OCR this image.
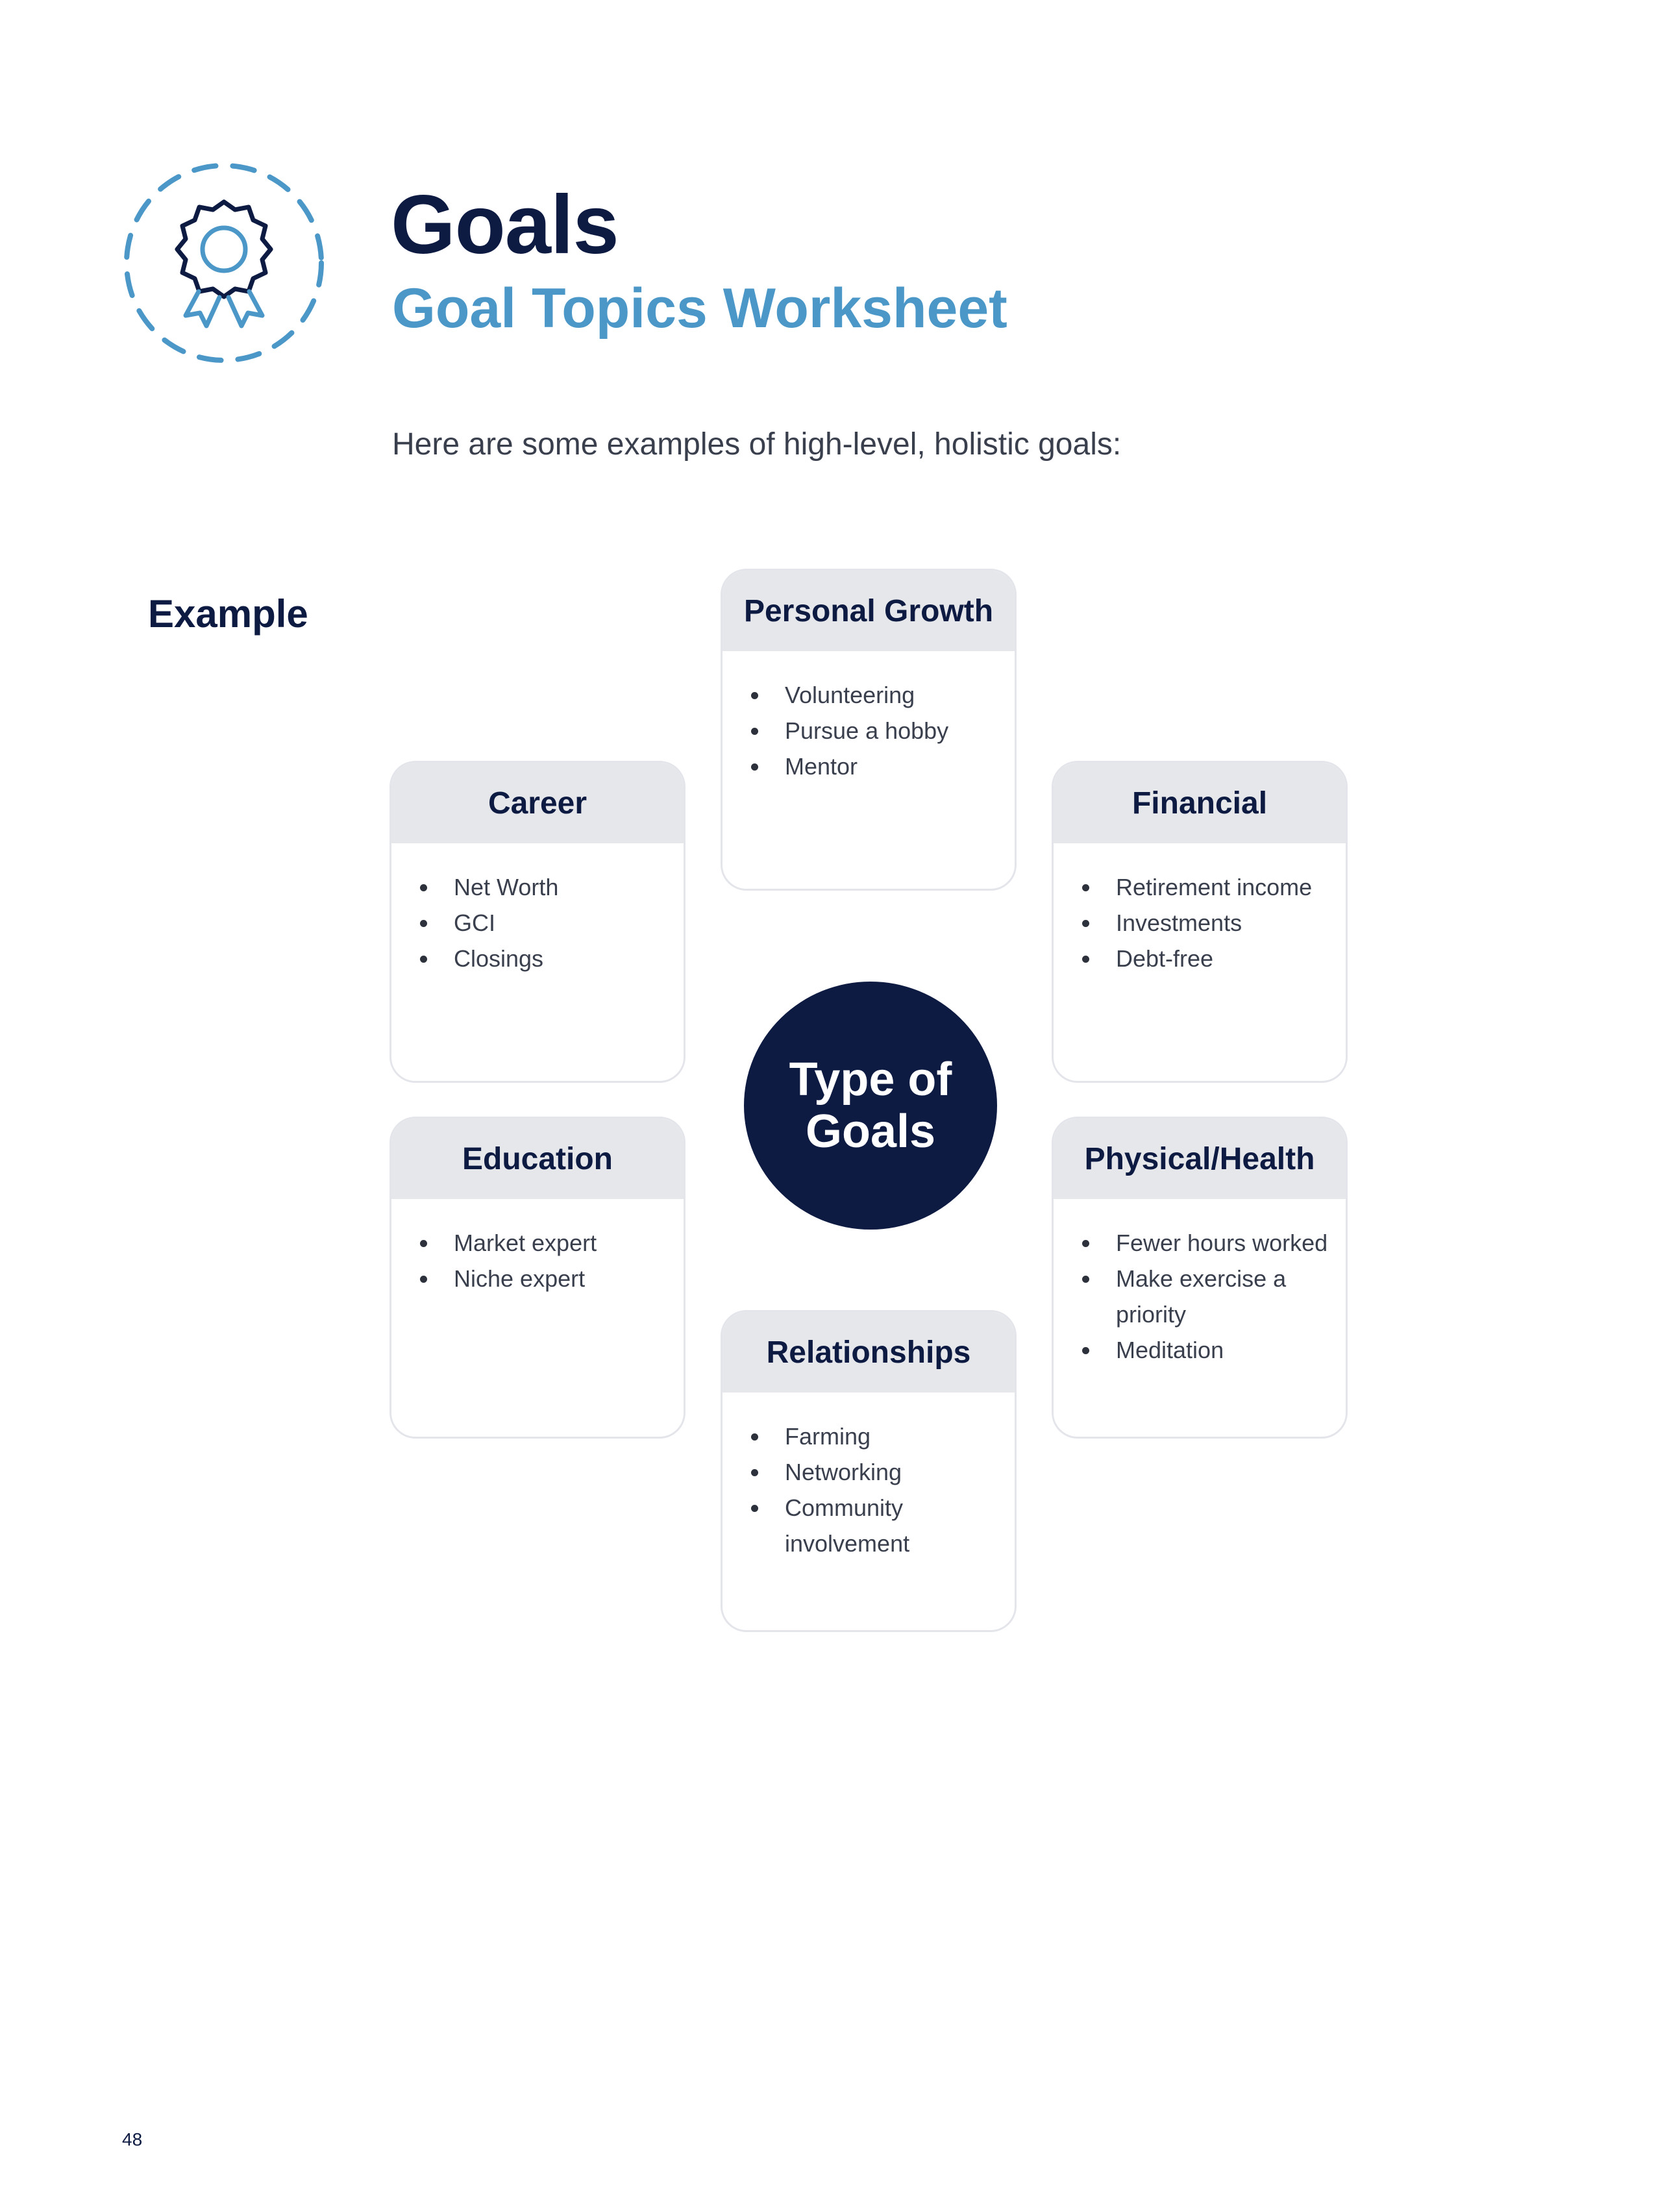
Goals
Goal Topics Worksheet

Here are some examples of high-level, holistic goals:

Example	Personal Growth
Volunteering
Pursue a hobby
Mentor
Career
Net Worth
GCI
Closings
Financial
Retirement income
Investments
Debt-free

Type of Goals

Education
Market expert
Niche expert
Physical/Health
Fewer hours worked
Make exercise a priority
Meditation
Relationships
Farming
Networking
Community involvement

48
